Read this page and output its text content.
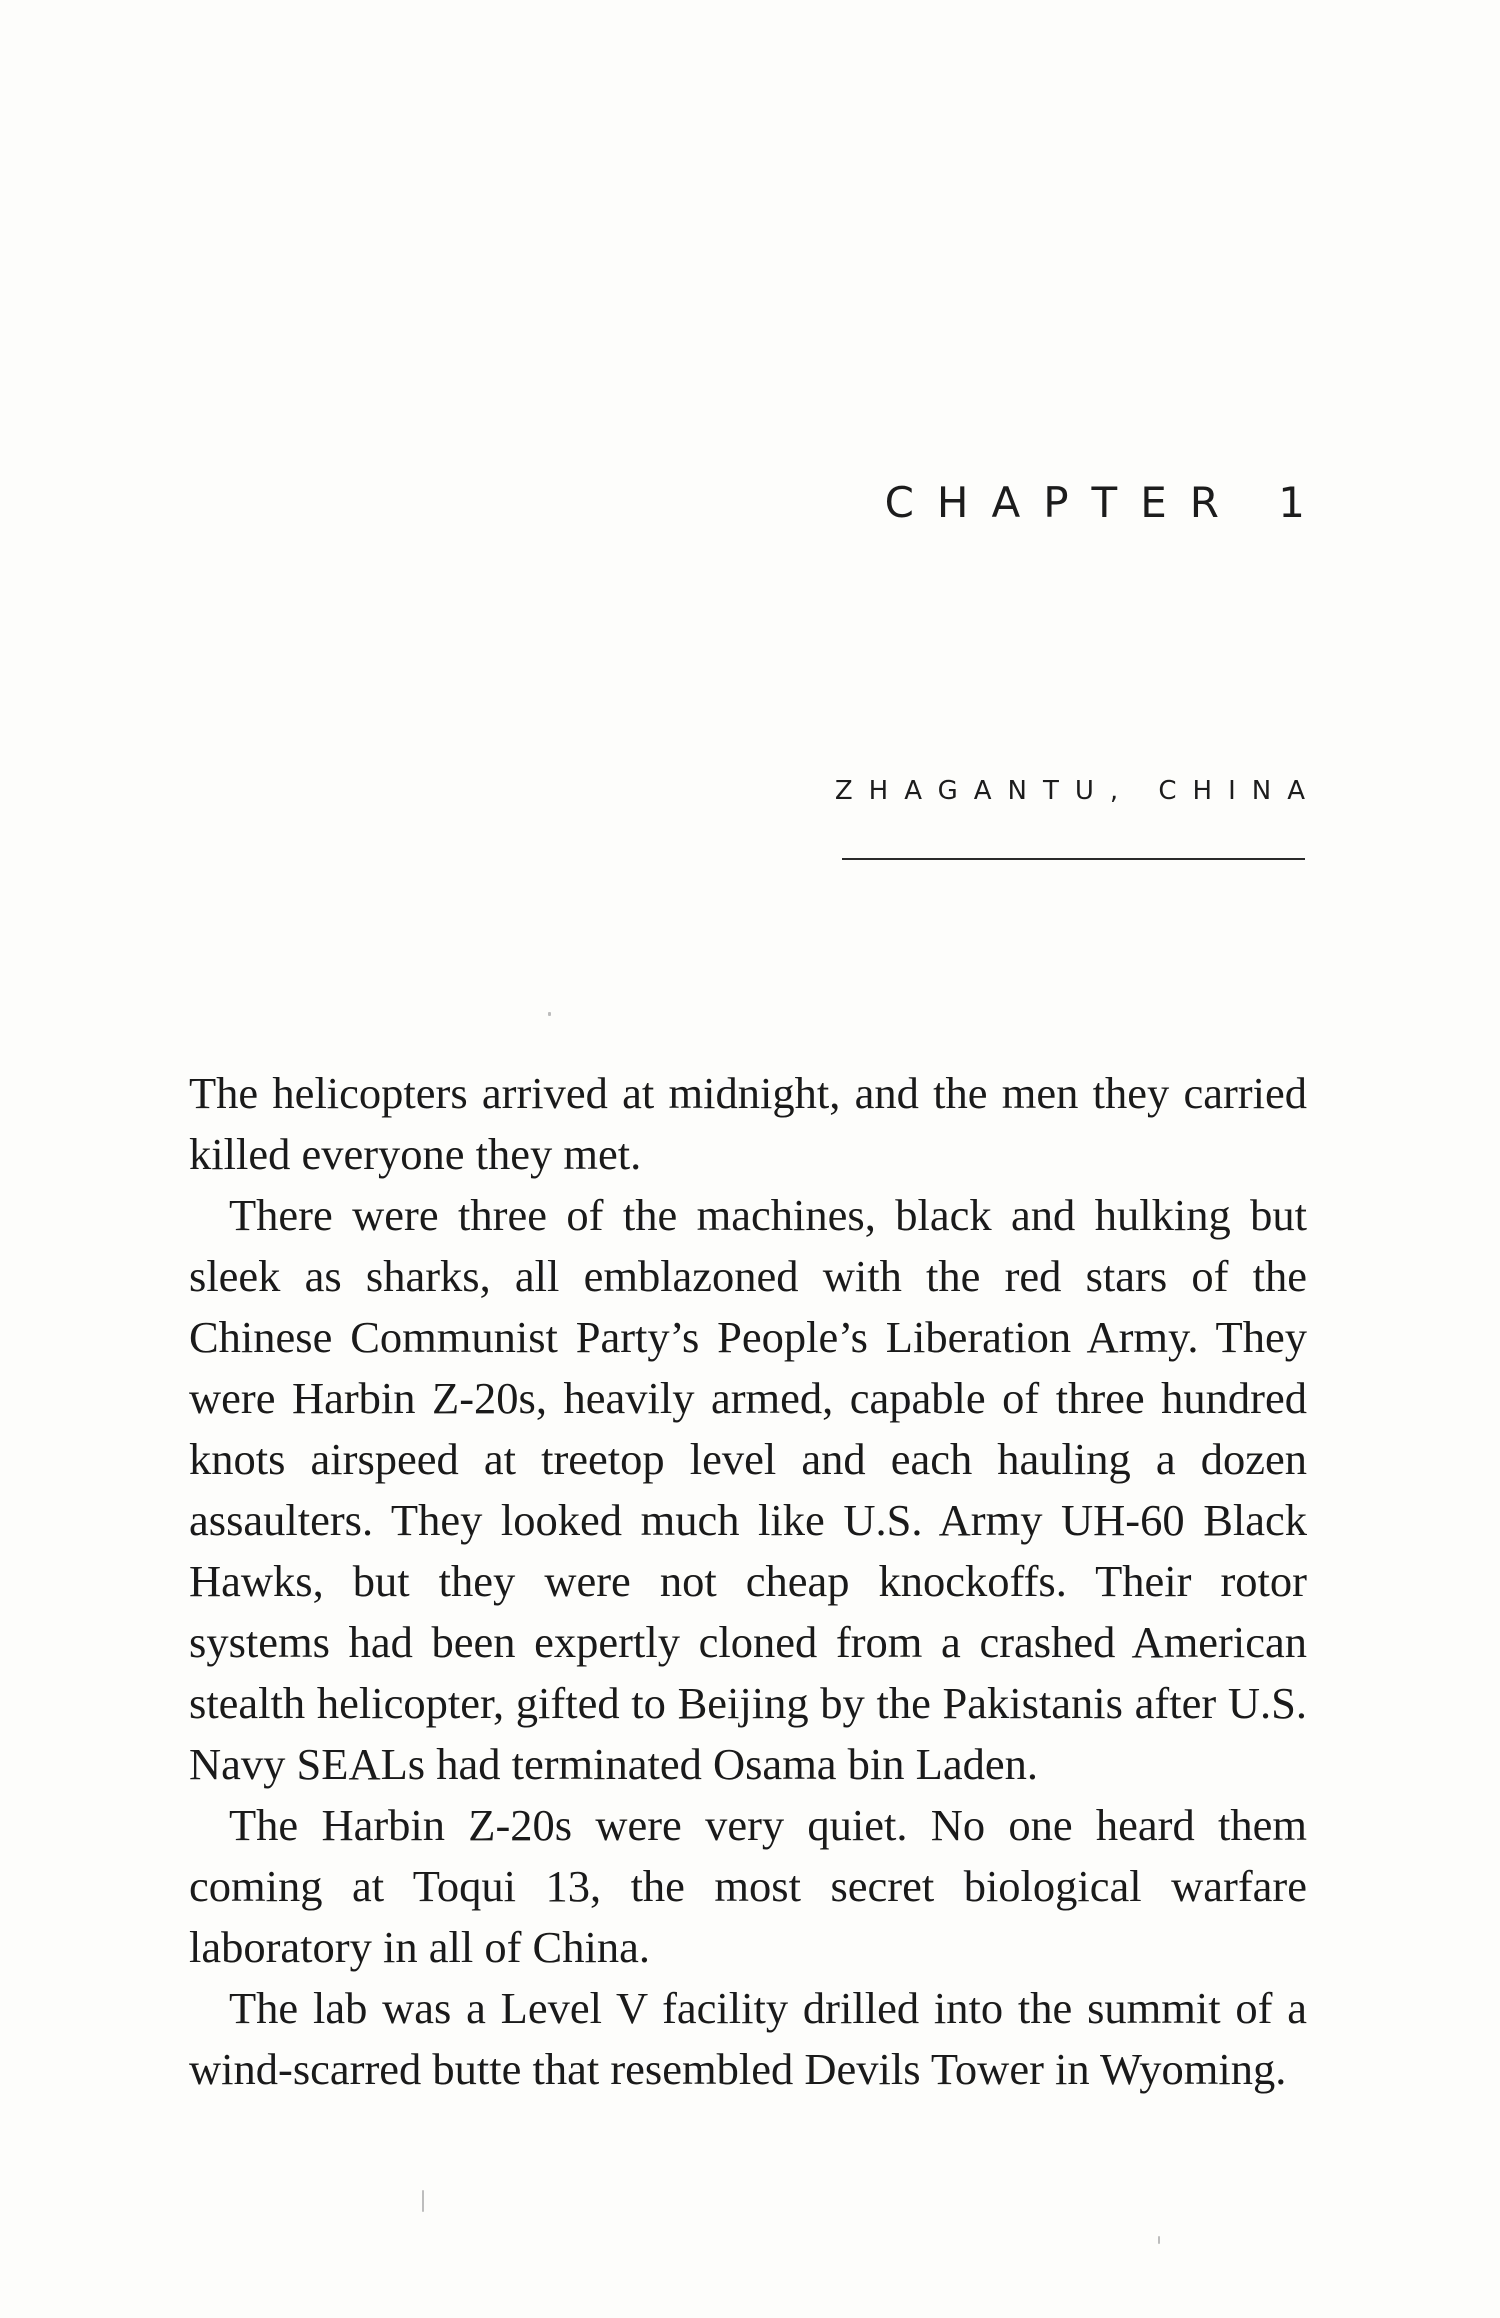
CHAPTER 1
ZHAGANTU, CHINA

The helicopters arrived at midnight, and the men they carried killed everyone they met.

There were three of the machines, black and hulking but sleek as sharks, all emblazoned with the red stars of the Chinese Communist Party’s People’s Liberation Army. They were Harbin Z-20s, heavily armed, capable of three hundred knots airspeed at treetop level and each hauling a dozen assaulters. They looked much like U.S. Army UH-60 Black Hawks, but they were not cheap knockoffs. Their rotor systems had been expertly cloned from a crashed American stealth helicopter, gifted to Beijing by the Pakistanis after U.S. Navy SEALs had terminated Osama bin Laden.

The Harbin Z-20s were very quiet. No one heard them coming at Toqui 13, the most secret biological warfare laboratory in all of China.

The lab was a Level V facility drilled into the summit of a wind-scarred butte that resembled Devils Tower in Wyoming.
